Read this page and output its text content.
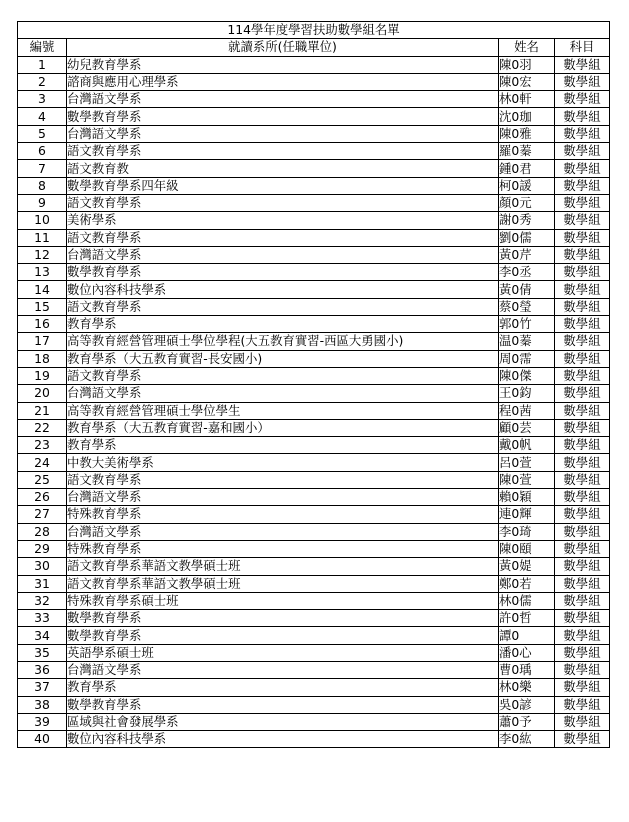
114學年度學習扶助數學組名單			
編號	就讀系所(任職單位)	姓名	科目
1	幼兒教育學系	陳0羽	數學組
2	諮商與應用心理學系	陳0宏	數學組
3	台灣語文學系	林0軒	數學組
4	數學教育學系	沈0珈	數學組
5	台灣語文學系	陳0雅	數學組
6	語文教育學系	羅0蓁	數學組
7	語文教育教	鍾0君	數學組
8	數學教育學系四年級	柯0諼	數學組
9	語文教育學系	顏0元	數學組
10	美術學系	謝0秀	數學組
11	語文教育學系	劉0儒	數學組
12	台灣語文學系	黃0芹	數學組
13	數學教育學系	李0丞	數學組
14	數位內容科技學系	黃0倩	數學組
15	語文教育學系	蔡0瑩	數學組
16	教育學系	郭0竹	數學組
17	高等教育經營管理碩士學位學程(大五教育實習-西區大勇國小)	温0蓁	數學組
18	教育學系（大五教育實習-長安國小)	周0霈	數學組
19	語文教育學系	陳0傑	數學組
20	台灣語文學系	王0鈞	數學組
21	高等教育經營管理碩士學位學生	程0茜	數學組
22	教育學系（大五教育實習-嘉和國小）	顧0芸	數學組
23	教育學系	戴0帆	數學組
24	中教大美術學系	呂0萱	數學組
25	語文教育學系	陳0萱	數學組
26	台灣語文學系	賴0穎	數學組
27	特殊教育學系	連0輝	數學組
28	台灣語文學系	李0琦	數學組
29	特殊教育學系	陳0頤	數學組
30	語文教育學系華語文教學碩士班	黃0媞	數學組
31	語文教育學系華語文教學碩士班	鄭0若	數學組
32	特殊教育學系碩士班	林0儒	數學組
33	數學教育學系	許0哲	數學組
34	數學教育學系	譚0	數學組
35	英語學系碩士班	潘0心	數學組
36	台灣語文學系	曹0瑀	數學組
37	教育學系	林0樂	數學組
38	數學教育學系	吳0諺	數學組
39	區域與社會發展學系	蕭0予	數學組
40	數位內容科技學系	李0紘	數學組
